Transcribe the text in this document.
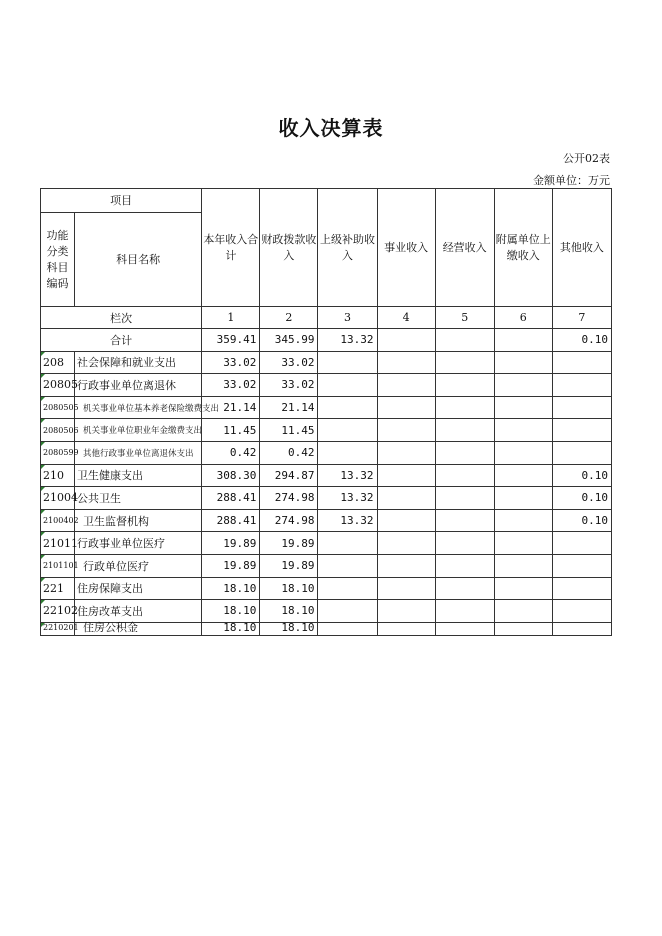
收入决算表
公开02表
金额单位：万元
项目		本年收入合计	财政拨款收入	上级补助收入	事业收入	经营收入	附属单位上缴收入	其他收入
功能分类科目编码	科目名称							
栏次		1	2	3	4	5	6	7
合计		359.41	345.99	13.32				0.10
208	社会保障和就业支出	33.02	33.02					
20805	行政事业单位离退休	33.02	33.02					
2080505	机关事业单位基本养老保险缴费支出	21.14	21.14					
2080506	机关事业单位职业年金缴费支出	11.45	11.45					
2080599	其他行政事业单位离退休支出	0.42	0.42					
210	卫生健康支出	308.30	294.87	13.32				0.10
21004	公共卫生	288.41	274.98	13.32				0.10
2100402	卫生监督机构	288.41	274.98	13.32				0.10
21011	行政事业单位医疗	19.89	19.89					
2101101	行政单位医疗	19.89	19.89					
221	住房保障支出	18.10	18.10					
22102	住房改革支出	18.10	18.10					
2210201	住房公积金	18.10	18.10					
